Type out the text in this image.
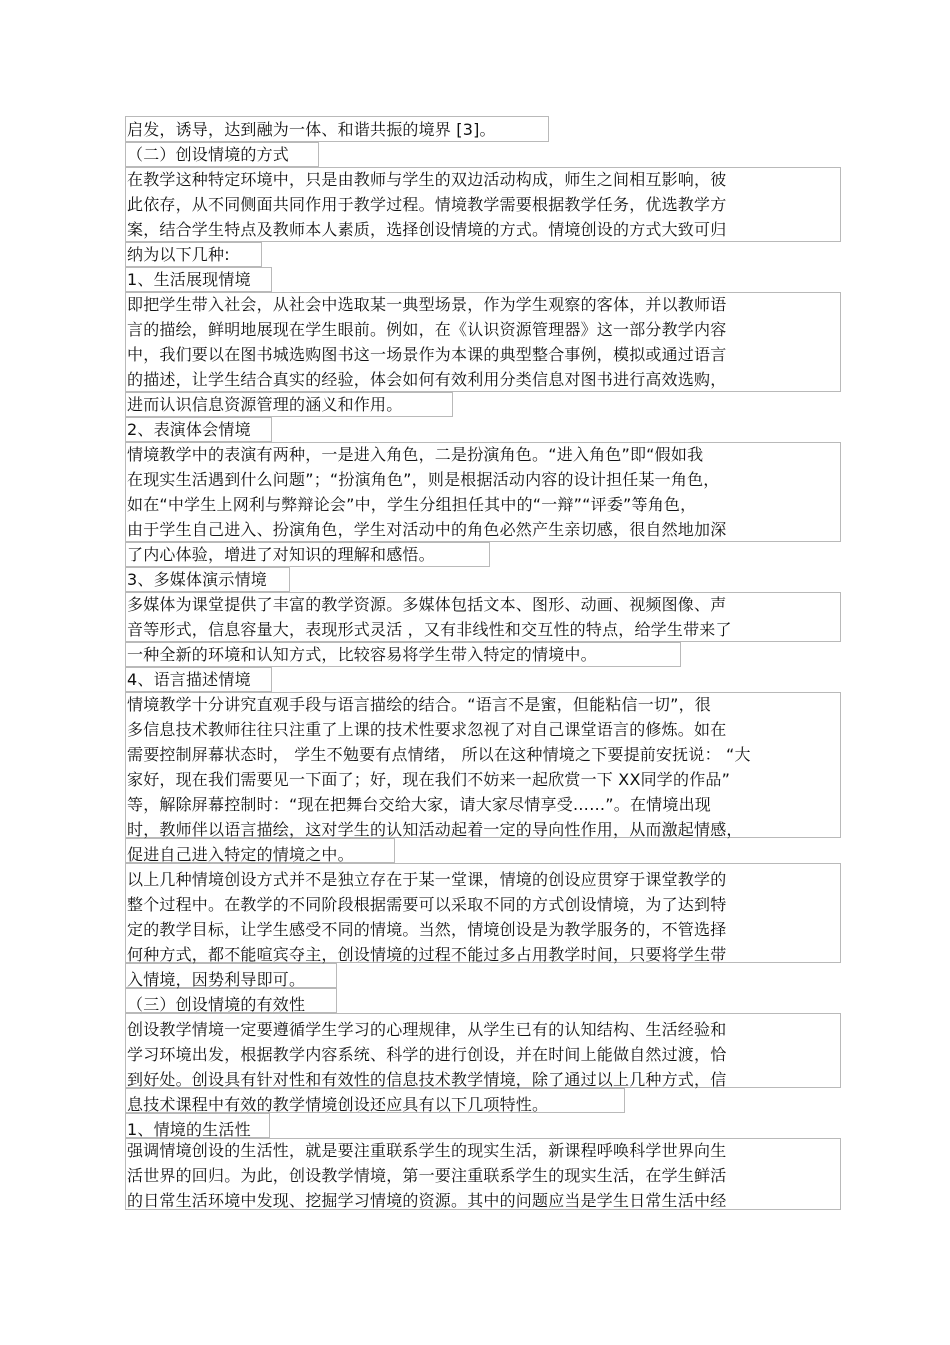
启发，诱导，达到融为一体、和谐共振的境界 [3]。
（二）创设情境的方式
在教学这种特定环境中，只是由教师与学生的双边活动构成，师生之间相互影响，彼
此依存，从不同侧面共同作用于教学过程。情境教学需要根据教学任务，优选教学方
案，结合学生特点及教师本人素质，选择创设情境的方式。情境创设的方式大致可归
纳为以下几种:
1、生活展现情境
即把学生带入社会，从社会中选取某一典型场景，作为学生观察的客体，并以教师语
言的描绘，鲜明地展现在学生眼前。例如，在《认识资源管理器》这一部分教学内容
中，我们要以在图书城选购图书这一场景作为本课的典型整合事例，模拟或通过语言
的描述，让学生结合真实的经验，体会如何有效利用分类信息对图书进行高效选购，
进而认识信息资源管理的涵义和作用。
2、表演体会情境
情境教学中的表演有两种，一是进入角色，二是扮演角色。“进入角色”即“假如我
在现实生活遇到什么问题”；“扮演角色”，则是根据活动内容的设计担任某一角色，
如在“中学生上网利与弊辩论会”中，学生分组担任其中的“一辩”“评委”等角色，
由于学生自己进入、扮演角色，学生对活动中的角色必然产生亲切感，很自然地加深
了内心体验，增进了对知识的理解和感悟。
3、多媒体演示情境
多媒体为课堂提供了丰富的教学资源。多媒体包括文本、图形、动画、视频图像、声
音等形式，信息容量大，表现形式灵活 ，又有非线性和交互性的特点，给学生带来了
一种全新的环境和认知方式，比较容易将学生带入特定的情境中。
4、语言描述情境
情境教学十分讲究直观手段与语言描绘的结合。“语言不是蜜，但能粘信一切”，很
多信息技术教师往往只注重了上课的技术性要求忽视了对自己课堂语言的修炼。如在
需要控制屏幕状态时， 学生不勉要有点情绪， 所以在这种情境之下要提前安抚说： “大
家好，现在我们需要见一下面了；好，现在我们不妨来一起欣赏一下 XX同学的作品”
等，解除屏幕控制时：“现在把舞台交给大家，请大家尽情享受……”。在情境出现
时，教师伴以语言描绘，这对学生的认知活动起着一定的导向性作用，从而激起情感，
促进自己进入特定的情境之中。
以上几种情境创设方式并不是独立存在于某一堂课，情境的创设应贯穿于课堂教学的
整个过程中。在教学的不同阶段根据需要可以采取不同的方式创设情境，为了达到特
定的教学目标，让学生感受不同的情境。当然，情境创设是为教学服务的，不管选择
何种方式，都不能喧宾夺主，创设情境的过程不能过多占用教学时间，只要将学生带
入情境，因势利导即可。
（三）创设情境的有效性
创设教学情境一定要遵循学生学习的心理规律，从学生已有的认知结构、生活经验和
学习环境出发，根据教学内容系统、科学的进行创设，并在时间上能做自然过渡，恰
到好处。创设具有针对性和有效性的信息技术教学情境，除了通过以上几种方式，信
息技术课程中有效的教学情境创设还应具有以下几项特性。
1、情境的生活性
强调情境创设的生活性，就是要注重联系学生的现实生活，新课程呼唤科学世界向生
活世界的回归。为此，创设教学情境，第一要注重联系学生的现实生活，在学生鲜活
的日常生活环境中发现、挖掘学习情境的资源。其中的问题应当是学生日常生活中经
